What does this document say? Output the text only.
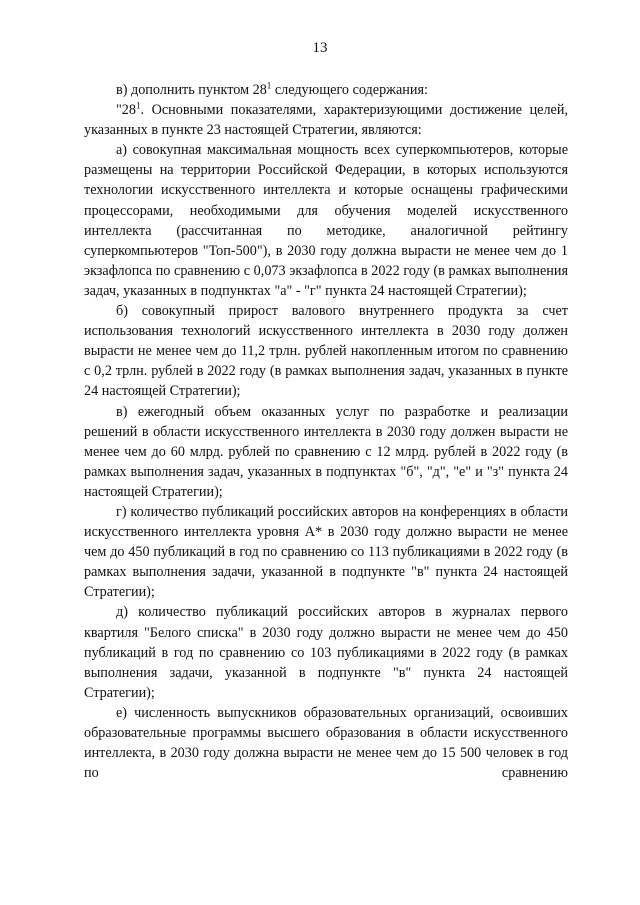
13

в) дополнить пунктом $28^1$ следующего содержания:

"$28^1$. Основными показателями, характеризующими достижение целей, указанных в пункте 23 настоящей Стратегии, являются:

а) совокупная максимальная мощность всех суперкомпьютеров, которые размещены на территории Российской Федерации, в которых используются технологии искусственного интеллекта и которые оснащены графическими процессорами, необходимыми для обучения моделей искусственного интеллекта (рассчитанная по методике, аналогичной рейтингу суперкомпьютеров "Топ-500"), в 2030 году должна вырасти не менее чем до 1 экзафлопса по сравнению с 0,073 экзафлопса в 2022 году (в рамках выполнения задач, указанных в подпунктах "а" - "г" пункта 24 настоящей Стратегии);

б) совокупный прирост валового внутреннего продукта за счет использования технологий искусственного интеллекта в 2030 году должен вырасти не менее чем до 11,2 трлн. рублей накопленным итогом по сравнению с 0,2 трлн. рублей в 2022 году (в рамках выполнения задач, указанных в пункте 24 настоящей Стратегии);

в) ежегодный объем оказанных услуг по разработке и реализации решений в области искусственного интеллекта в 2030 году должен вырасти не менее чем до 60 млрд. рублей по сравнению с 12 млрд. рублей в 2022 году (в рамках выполнения задач, указанных в подпунктах "б", "д", "е" и "з" пункта 24 настоящей Стратегии);

г) количество публикаций российских авторов на конференциях в области искусственного интеллекта уровня А* в 2030 году должно вырасти не менее чем до 450 публикаций в год по сравнению со 113 публикациями в 2022 году (в рамках выполнения задачи, указанной в подпункте "в" пункта 24 настоящей Стратегии);

д) количество публикаций российских авторов в журналах первого квартиля "Белого списка" в 2030 году должно вырасти не менее чем до 450 публикаций в год по сравнению со 103 публикациями в 2022 году (в рамках выполнения задачи, указанной в подпункте "в" пункта 24 настоящей Стратегии);

е) численность выпускников образовательных организаций, освоивших образовательные программы высшего образования в области искусственного интеллекта, в 2030 году должна вырасти не менее чем до 15 500 человек в год по сравнению
